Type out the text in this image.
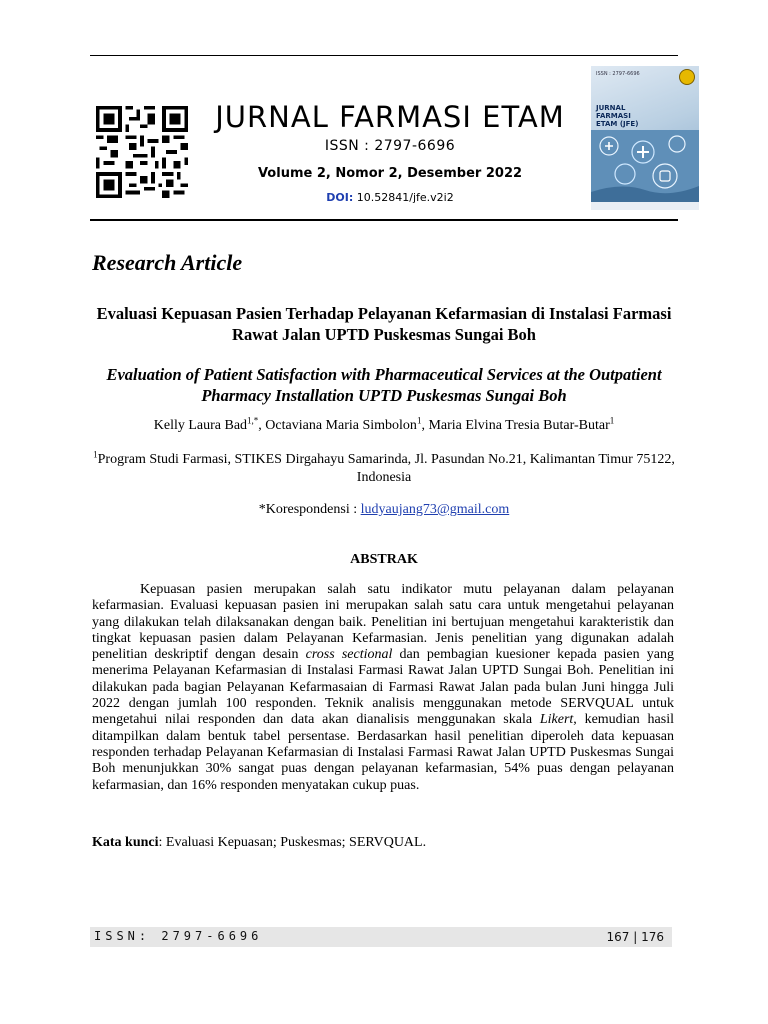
JURNAL FARMASI ETAM
ISSN : 2797-6696
Volume 2, Nomor 2, Desember 2022
DOI: 10.52841/jfe.v2i2
ISSN : 2797-6696
JURNAL
FARMASI
ETAM (JFE)
Research Article
Evaluasi Kepuasan Pasien Terhadap Pelayanan Kefarmasian di Instalasi Farmasi Rawat Jalan UPTD Puskesmas Sungai Boh
Evaluation of Patient Satisfaction with Pharmaceutical Services at the Outpatient Pharmacy Installation UPTD Puskesmas Sungai Boh
Kelly Laura Bad$^{1,*}$, Octaviana Maria Simbolon$^1$, Maria Elvina Tresia Butar-Butar$^1$
$^1$Program Studi Farmasi, STIKES Dirgahayu Samarinda, Jl. Pasundan No.21, Kalimantan Timur 75122, Indonesia
*Korespondensi : ludyaujang73@gmail.com
ABSTRAK

Kepuasan pasien merupakan salah satu indikator mutu pelayanan dalam pelayanan kefarmasian. Evaluasi kepuasan pasien ini merupakan salah satu cara untuk mengetahui pelayanan yang dilakukan telah dilaksanakan dengan baik. Penelitian ini bertujuan mengetahui karakteristik dan tingkat kepuasan pasien dalam Pelayanan Kefarmasian. Jenis penelitian yang digunakan adalah penelitian deskriptif dengan desain cross sectional dan pembagian kuesioner kepada pasien yang menerima Pelayanan Kefarmasian di Instalasi Farmasi Rawat Jalan UPTD Sungai Boh. Penelitian ini dilakukan pada bagian Pelayanan Kefarmasaian di Farmasi Rawat Jalan pada bulan Juni hingga Juli 2022 dengan jumlah 100 responden. Teknik analisis menggunakan metode SERVQUAL untuk mengetahui nilai responden dan data akan dianalisis menggunakan skala Likert, kemudian hasil ditampilkan dalam bentuk tabel persentase. Berdasarkan hasil penelitian diperoleh data kepuasan responden terhadap Pelayanan Kefarmasian di Instalasi Farmasi Rawat Jalan UPTD Puskesmas Sungai Boh menunjukkan 30% sangat puas dengan pelayanan kefarmasian, 54% puas dengan pelayanan kefarmasian, dan 16% responden menyatakan cukup puas.

Kata kunci: Evaluasi Kepuasan; Puskesmas; SERVQUAL.
ISSN: 2797-6696	167 | 176
